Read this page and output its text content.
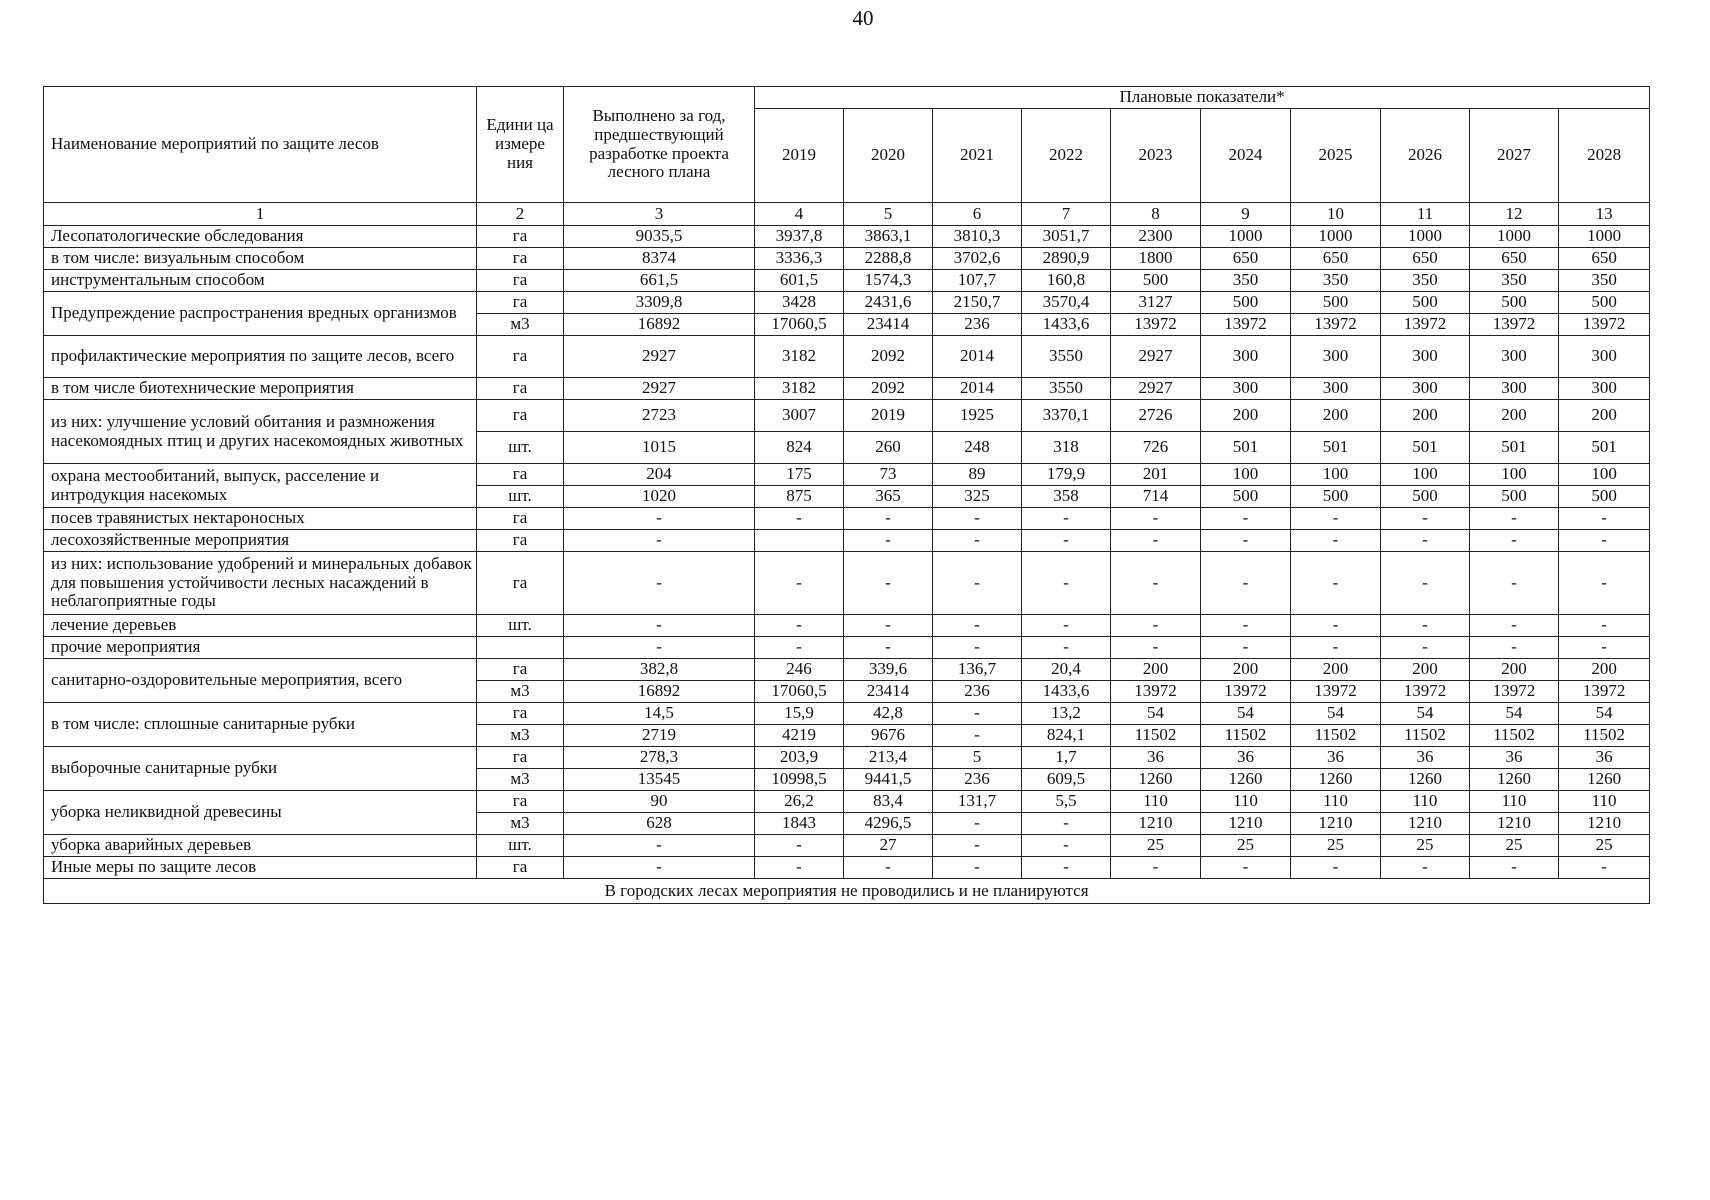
40
Наименование мероприятий по защите лесов	Едини ца измере ния	Выполнено за год, предшествующий разработке проекта лесного плана	Плановые показатели*									
			2019	2020	2021	2022	2023	2024	2025	2026	2027	2028
1	2	3	4	5	6	7	8	9	10	11	12	13
Лесопатологические обследования	га	9035,5	3937,8	3863,1	3810,3	3051,7	2300	1000	1000	1000	1000	1000
в том числе: визуальным способом	га	8374	3336,3	2288,8	3702,6	2890,9	1800	650	650	650	650	650
инструментальным способом	га	661,5	601,5	1574,3	107,7	160,8	500	350	350	350	350	350
Предупреждение распространения вредных организмов	га	3309,8	3428	2431,6	2150,7	3570,4	3127	500	500	500	500	500
	м3	16892	17060,5	23414	236	1433,6	13972	13972	13972	13972	13972	13972
профилактические мероприятия по защите лесов, всего	га	2927	3182	2092	2014	3550	2927	300	300	300	300	300
в том числе биотехнические мероприятия	га	2927	3182	2092	2014	3550	2927	300	300	300	300	300
из них: улучшение условий обитания и размножения насекомоядных птиц и других насекомоядных животных	га	2723	3007	2019	1925	3370,1	2726	200	200	200	200	200
	шт.	1015	824	260	248	318	726	501	501	501	501	501
охрана местообитаний, выпуск, расселение и интродукция насекомых	га	204	175	73	89	179,9	201	100	100	100	100	100
	шт.	1020	875	365	325	358	714	500	500	500	500	500
посев травянистых нектароносных	га	-	-	-	-	-	-	-	-	-	-	-
лесохозяйственные мероприятия	га	-		-	-	-	-	-	-	-	-	-
из них: использование удобрений и минеральных добавок для повышения устойчивости лесных насаждений в неблагоприятные годы	га	-	-	-	-	-	-	-	-	-	-	-
лечение деревьев	шт.	-	-	-	-	-	-	-	-	-	-	-
прочие мероприятия		-	-	-	-	-	-	-	-	-	-	-
санитарно-оздоровительные мероприятия, всего	га	382,8	246	339,6	136,7	20,4	200	200	200	200	200	200
	м3	16892	17060,5	23414	236	1433,6	13972	13972	13972	13972	13972	13972
в том числе: сплошные санитарные рубки	га	14,5	15,9	42,8	-	13,2	54	54	54	54	54	54
	м3	2719	4219	9676	-	824,1	11502	11502	11502	11502	11502	11502
выборочные санитарные рубки	га	278,3	203,9	213,4	5	1,7	36	36	36	36	36	36
	м3	13545	10998,5	9441,5	236	609,5	1260	1260	1260	1260	1260	1260
уборка неликвидной древесины	га	90	26,2	83,4	131,7	5,5	110	110	110	110	110	110
	м3	628	1843	4296,5	-	-	1210	1210	1210	1210	1210	1210
уборка аварийных деревьев	шт.	-	-	27	-	-	25	25	25	25	25	25
Иные меры по защите лесов	га	-	-	-	-	-	-	-	-	-	-	-
В городских лесах мероприятия не проводились и не планируются												
